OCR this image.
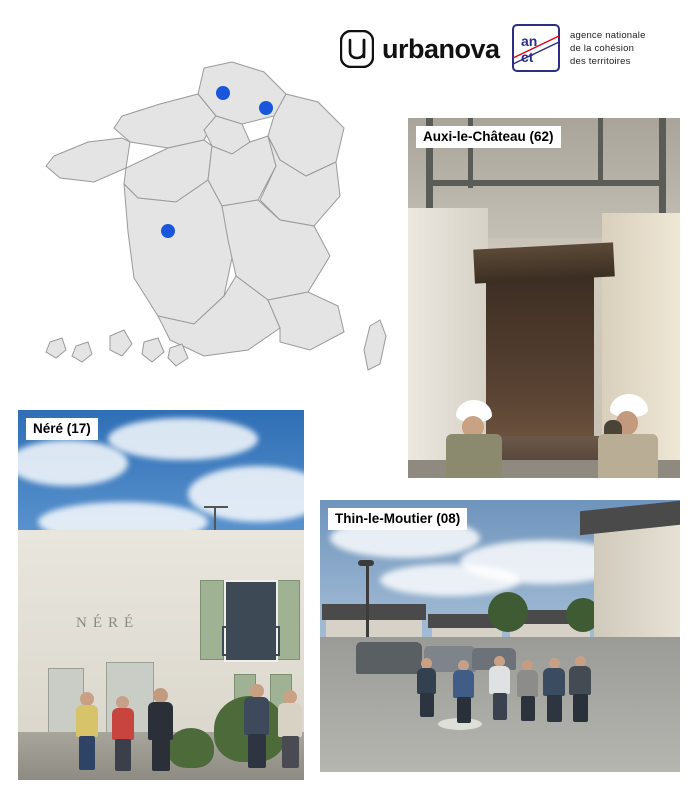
urbanova an
ct
agence nationale
de la cohésion
des territoires
Auxi-le-Château (62)
NÉRÉ
Néré (17)
Thin-le-Moutier (08)
